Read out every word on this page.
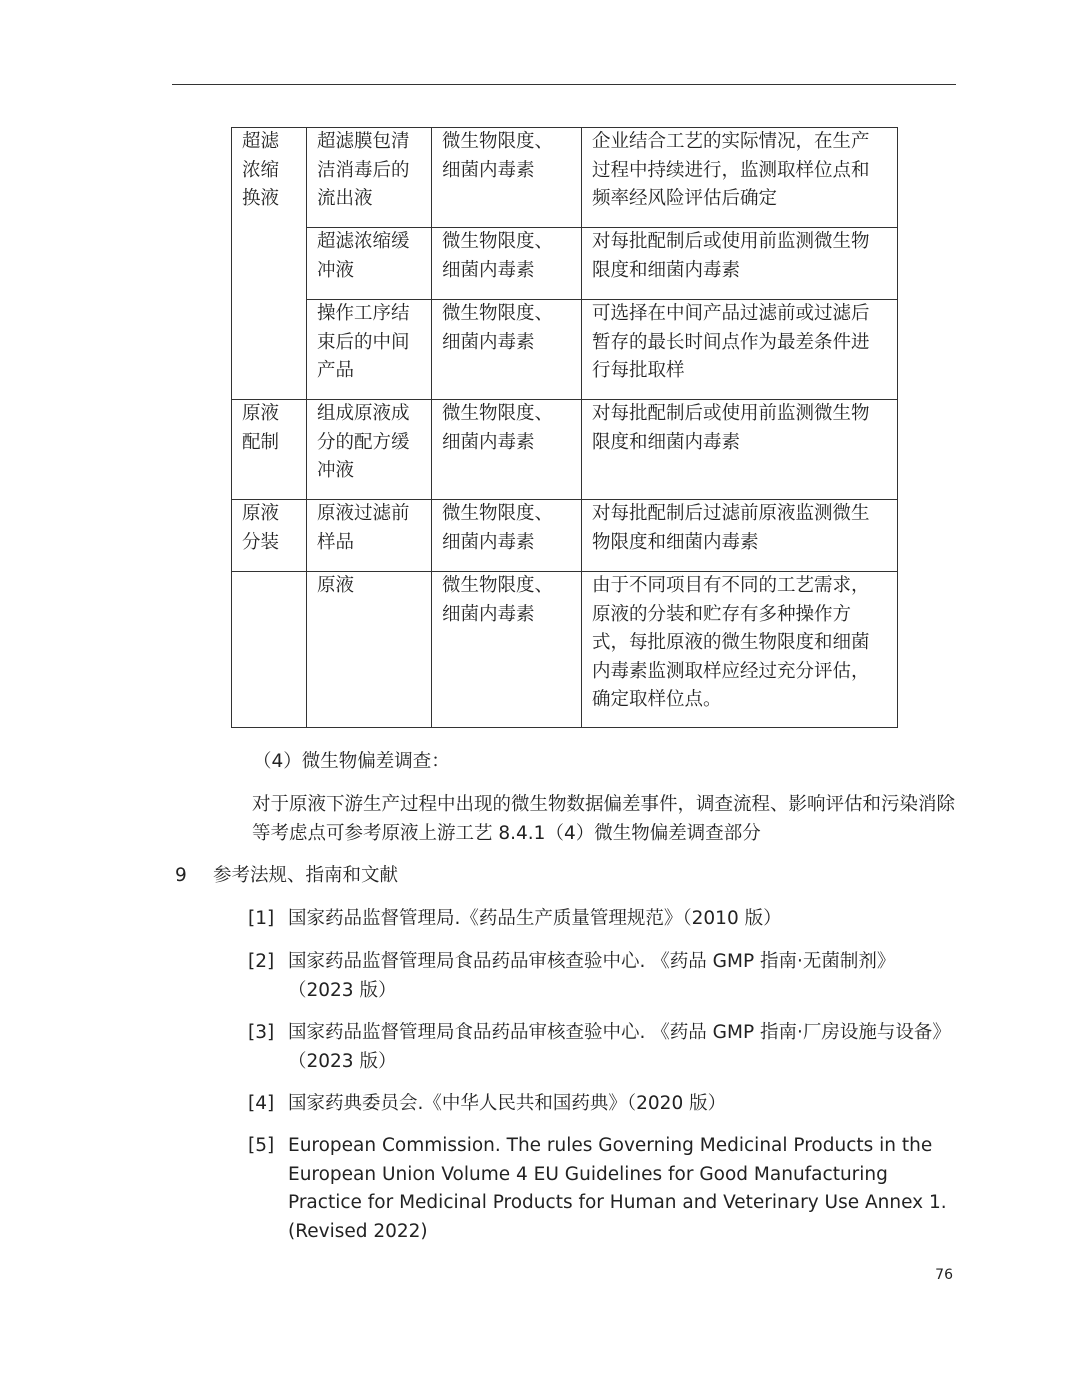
超滤浓缩换液	超滤膜包清洁消毒后的流出液	微生物限度、细菌内毒素	企业结合工艺的实际情况，在生产过程中持续进行，监测取样位点和频率经风险评估后确定

	超滤浓缩缓冲液	微生物限度、细菌内毒素	对每批配制后或使用前监测微生物限度和细菌内毒素

	操作工序结束后的中间产品	微生物限度、细菌内毒素	可选择在中间产品过滤前或过滤后暂存的最长时间点作为最差条件进行每批取样

原液配制	组成原液成分的配方缓冲液	微生物限度、细菌内毒素	对每批配制后或使用前监测微生物限度和细菌内毒素

原液分装	原液过滤前样品	微生物限度、细菌内毒素	对每批配制后过滤前原液监测微生物限度和细菌内毒素

	原液	微生物限度、细菌内毒素	由于不同项目有不同的工艺需求，原液的分装和贮存有多种操作方式，每批原液的微生物限度和细菌内毒素监测取样应经过充分评估，确定取样位点。
（4）微生物偏差调查：
对于原液下游生产过程中出现的微生物数据偏差事件，调查流程、影响评估和污染消除等考虑点可参考原液上游工艺 8.4.1（4）微生物偏差调查部分
9 参考法规、指南和文献
[1] 国家药品监督管理局.《药品生产质量管理规范》（2010 版）
[2] 国家药品监督管理局食品药品审核查验中心. 《药品 GMP 指南·无菌制剂》（2023 版）
[3] 国家药品监督管理局食品药品审核查验中心. 《药品 GMP 指南·厂房设施与设备》（2023 版）
[4] 国家药典委员会.《中华人民共和国药典》（2020 版）
[5] European Commission. The rules Governing Medicinal Products in the European Union Volume 4 EU Guidelines for Good Manufacturing Practice for Medicinal Products for Human and Veterinary Use Annex 1. (Revised 2022)
76
